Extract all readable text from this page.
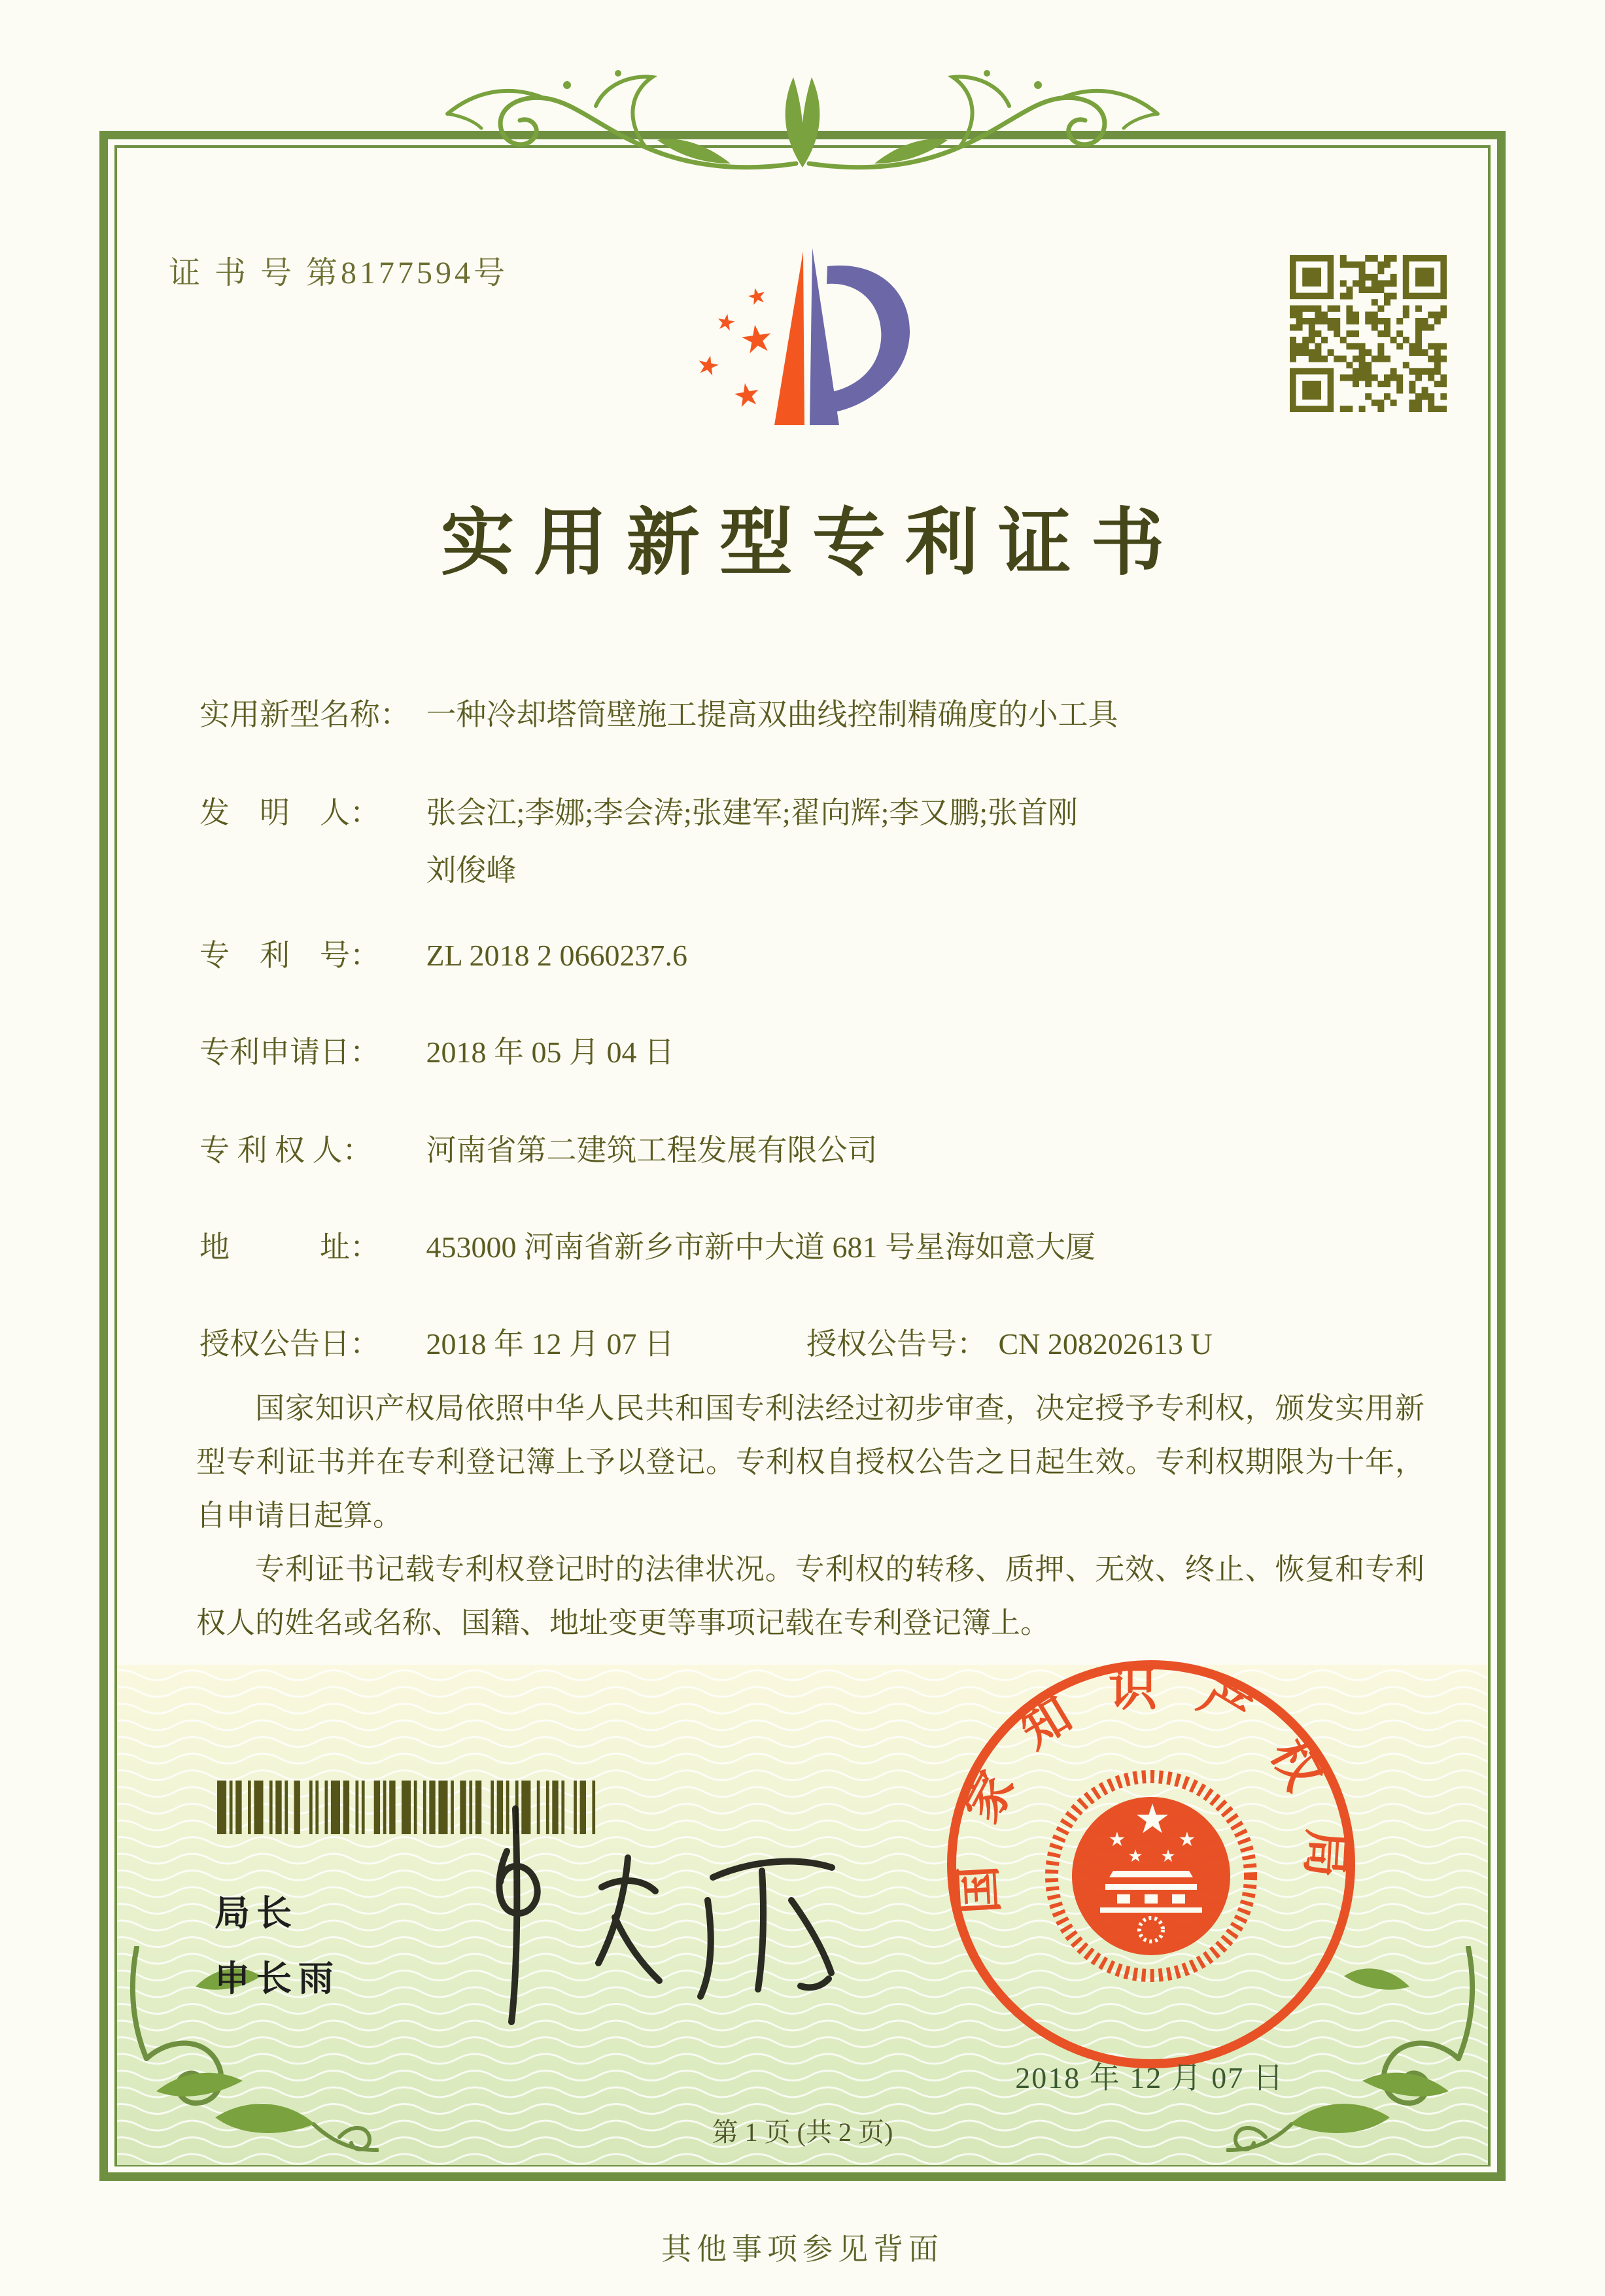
证 书 号 第8177594号
★
★
★
★
★
实用新型专利证书
实用新型名称： 一种冷却塔筒壁施工提高双曲线控制精确度的小工具
发　明　人： 张会江;李娜;李会涛;张建军;翟向辉;李又鹏;张首刚
刘俊峰
专　利　号： ZL 2018 2 0660237.6
专利申请日： 2018 年 05 月 04 日
专 利 权 人： 河南省第二建筑工程发展有限公司
地　　　址： 453000 河南省新乡市新中大道 681 号星海如意大厦
授权公告日： 2018 年 12 月 07 日	授权公告号： CN 208202613 U

国家知识产权局依照中华人民共和国专利法经过初步审查，决定授予专利权，颁发实用新型专利证书并在专利登记簿上予以登记。专利权自授权公告之日起生效。专利权期限为十年，自申请日起算。

专利证书记载专利权登记时的法律状况。专利权的转移、质押、无效、终止、恢复和专利权人的姓名或名称、国籍、地址变更等事项记载在专利登记簿上。

局长
申长雨
国家知识产权局
★
★	★
★ ★
2018 年 12 月 07 日
第 1 页 (共 2 页)
其他事项参见背面
